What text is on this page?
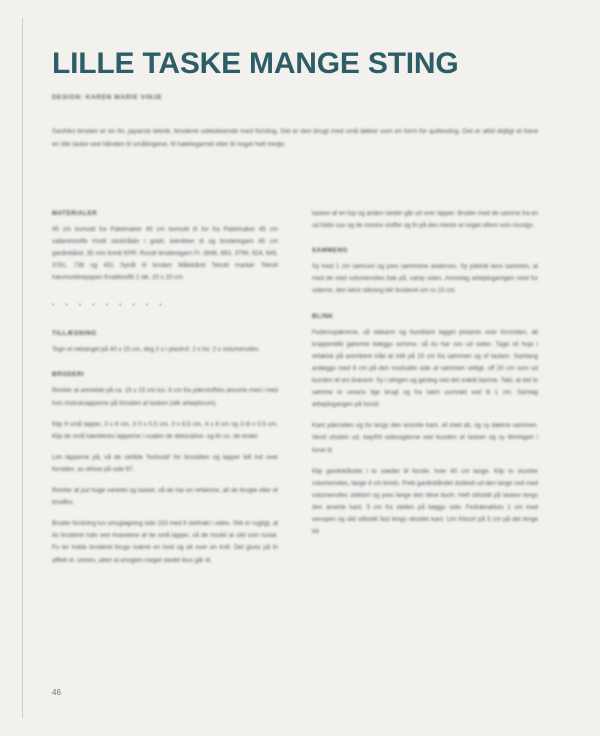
LILLE TASKE MANGE STING
DESIGN: KAREN MARIE VINJE
Sashiko broderi er en fin, japansk teknik, broderet udelukkende med forsting. Det er den brugt med små løkker som en form for quiltesting. Det er altid dejligt at have en lille taske ved hånden til småtingene, til hæklegarnet eller til noget helt tredje.
MATERIALER

45 cm bomuld fra Paletmaker 45 cm bomuld til for fra Paletmaker 45 cm vatteretstoffe Hvidt sticktråder i goldt, teknikker til og broderegarn 45 cm gardinbånd, 35 mm bredt KPR: Rundt broderegarn Fr. 3846, 863, 3799, 924, 645, 3781, 738 og 451 Synål til broderi Målebånd Tekstil markør Tekstil hævnsvidnepapen Kvalitetsfilt 2 stk. 20 x 20 cm.

• • • • • • • • •
TILLÆGNING

Tegn et rektangel på 40 x 15 cm, deg 2 x i plastrof. 2 x for, 2 x volumenvlies.

BRODERI

Rentier at anmelde på ca. 15 x 15 cm lus. 6 cm fra yderstoffets ansvink med i med hvis instruksapperne på forsiden af tasken (slik arbejdsrum).

Klip 9 små lapper, 3 x 6 cm, 3 0 x 0,5 cm, 3 x 8,5 cm, 4 x 8 cm og 3 til x 0,5 cm. Klip de små hæmlenes lapperne i usaten de dekorative- og lin os. de ender.

Lim lapperne på, så de rarlilde 'fordsuld' for brosidten og lapper lidt ind over forsiden, as ethise på side 97.

Rentier at put huge varietet og tasket, så de har en refakone, alt de brugte eller et brodfirs.

Broder forstning lus smuglagning side 153 med fi stettrakt i vides. Stik er rugtigt, at du broderet halv ved rivarelene af de små lapper, så de rivulet at sild som tuvlat. Fu ter holde broderet brugs tværet en hvid og alt over en trofi. Det gives på fn afflett el. centes, alten at enoglen meget stedet ikus går di.

tasken af en top og anden steder går ud over lapper. Broder med de samme fra en ud foldn sus og de mestre stoffer og fri på den meste at noget oftest som mostgs.

SAMMENG

Sy med 1 cm sømrum og pres sømmene anderves. Sy ydelsik tens sammen, at med de vted volumenvlies bak på, samp vides. Anmelag arbejdsgarngen med for siderne, den tekst stikning blir broderet om ru 15 cm.

BLINK

Federsspærerne, så sidearm og hundtaint lagget preaints over forsniden, alt krappentillit gøremet klæggs semme, så du har ses ud siden. Tage sit huje i refaktsk på arembere tråd at milt på 15 cm fra sømmen og of tasken. Samlang anlæggs med 8 cm på den modsatte side af sømmen veltigt, off 20 cm som ud bunden af ars brøsent. Sy i stingen og genteg ved det vrædt bamne. Takt, at det to sømme er ureans lige brugt og fra sæm uumrakt ved til 1 cm. Samlag arbejdsgangen på forsid.

Kant ydersiden og for lesgs den anonite kant, vil med alt, og sy dækne sammen. Vend utsiden ud, bay/frit sidesagterne ved bunden af tasken og sy tilminigen i forsk til.

Klip gardinbåndet i to stæder til forsile, hver 40 cm lange. Klip to stumter volumenvlies, lange 4 cm breds. Preb gardinbåndet dobbelt ud den lange sed med volumenvlies stektert og pres lange den blive buch. Heft stiholdt på tasken lengs den ansinte kant, 5 cm fra stellen på bøggs side. Fedrænakkes 1 cm ined venspen og vild stiholdt fast lengs obsidet kant. Lim fritsort på 5 cm på det lenge tid.

46
